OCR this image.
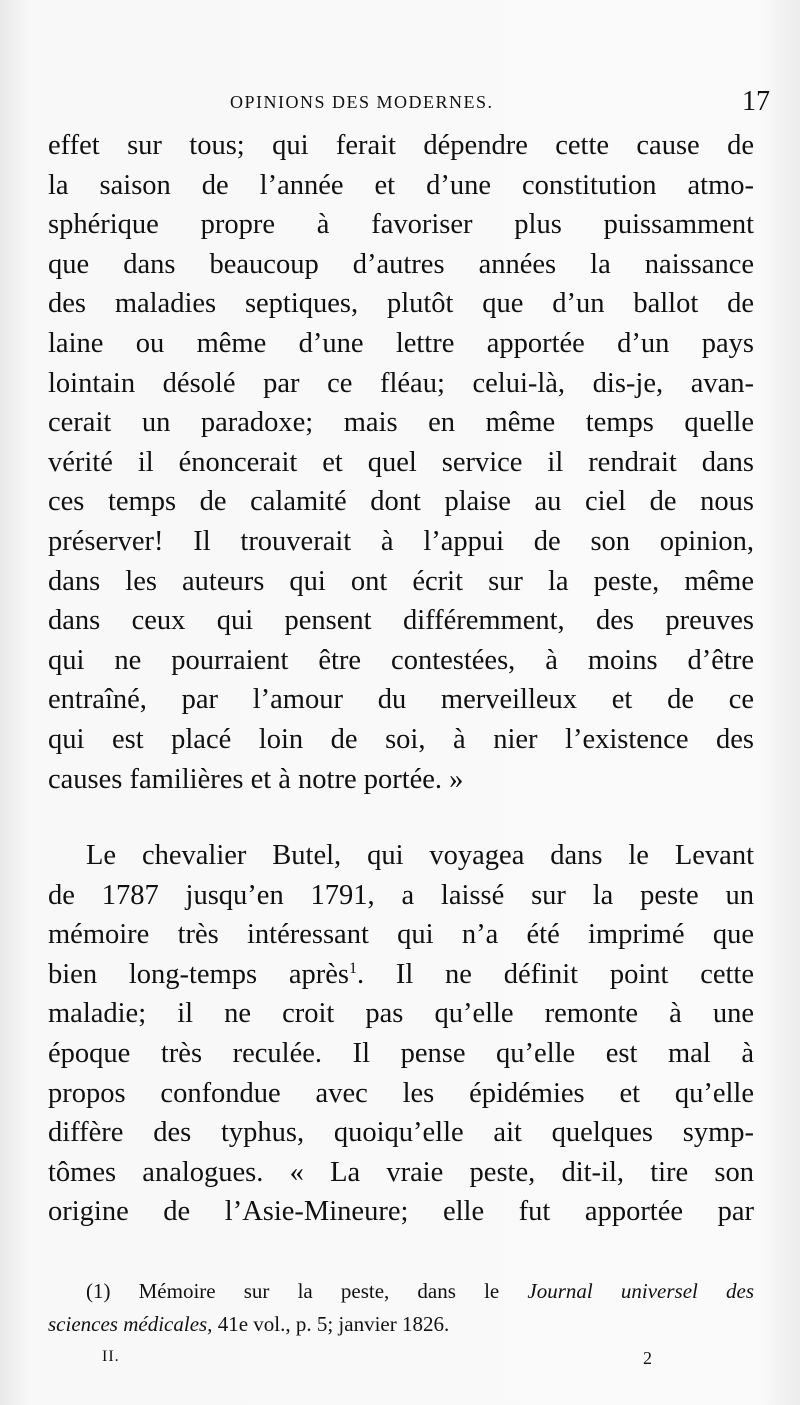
OPINIONS DES MODERNES.	17
effet sur tous; qui ferait dépendre cette cause de
la saison de l’année et d’une constitution atmo-
sphérique propre à favoriser plus puissamment
que dans beaucoup d’autres années la naissance
des maladies septiques, plutôt que d’un ballot de
laine ou même d’une lettre apportée d’un pays
lointain désolé par ce fléau; celui-là, dis-je, avan-
cerait un paradoxe; mais en même temps quelle
vérité il énoncerait et quel service il rendrait dans
ces temps de calamité dont plaise au ciel de nous
préserver! Il trouverait à l’appui de son opinion,
dans les auteurs qui ont écrit sur la peste, même
dans ceux qui pensent différemment, des preuves
qui ne pourraient être contestées, à moins d’être
entraîné, par l’amour du merveilleux et de ce
qui est placé loin de soi, à nier l’existence des
causes familières et à notre portée. »
Le chevalier Butel, qui voyagea dans le Levant
de 1787 jusqu’en 1791, a laissé sur la peste un
mémoire très intéressant qui n’a été imprimé que
bien long-temps après$^1$. Il ne définit point cette
maladie; il ne croit pas qu’elle remonte à une
époque très reculée. Il pense qu’elle est mal à
propos confondue avec les épidémies et qu’elle
diffère des typhus, quoiqu’elle ait quelques symp-
tômes analogues. « La vraie peste, dit-il, tire son
origine de l’Asie-Mineure; elle fut apportée par
(1) Mémoire sur la peste, dans le Journal universel des
sciences médicales, 41e vol., p. 5; janvier 1826.
II.	2
